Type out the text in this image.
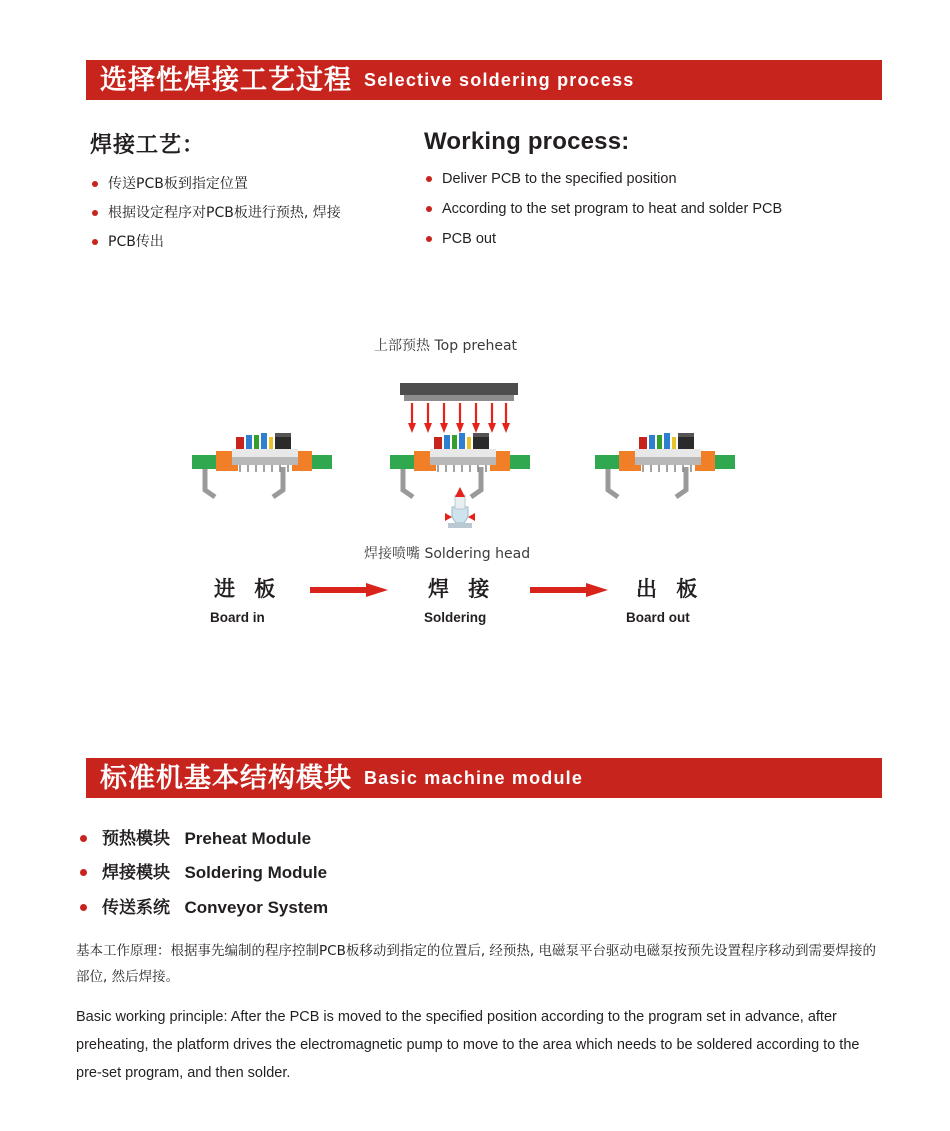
选择性焊接工艺过程 Selective soldering process
焊接工艺：
传送PCB板到指定位置
根据设定程序对PCB板进行预热, 焊接
PCB传出
Working process:
Deliver PCB to the specified position
According to the set program to heat and solder PCB
PCB out
上部预热 Top preheat
焊接喷嘴 Soldering head
进 板
Board in
焊 接
Soldering
出 板
Board out
标准机基本结构模块 Basic machine module
预热模块 Preheat Module
焊接模块 Soldering Module
传送系统 Conveyor System

基本工作原理：根据事先编制的程序控制PCB板移动到指定的位置后, 经预热, 电磁泵平台驱动电磁泵按预先设置程序移动到需要焊接的部位, 然后焊接。

Basic working principle: After the PCB is moved to the specified position according to the program set in advance, after preheating, the platform drives the electromagnetic pump to move to the area which needs to be soldered according to the pre-set program, and then solder.
